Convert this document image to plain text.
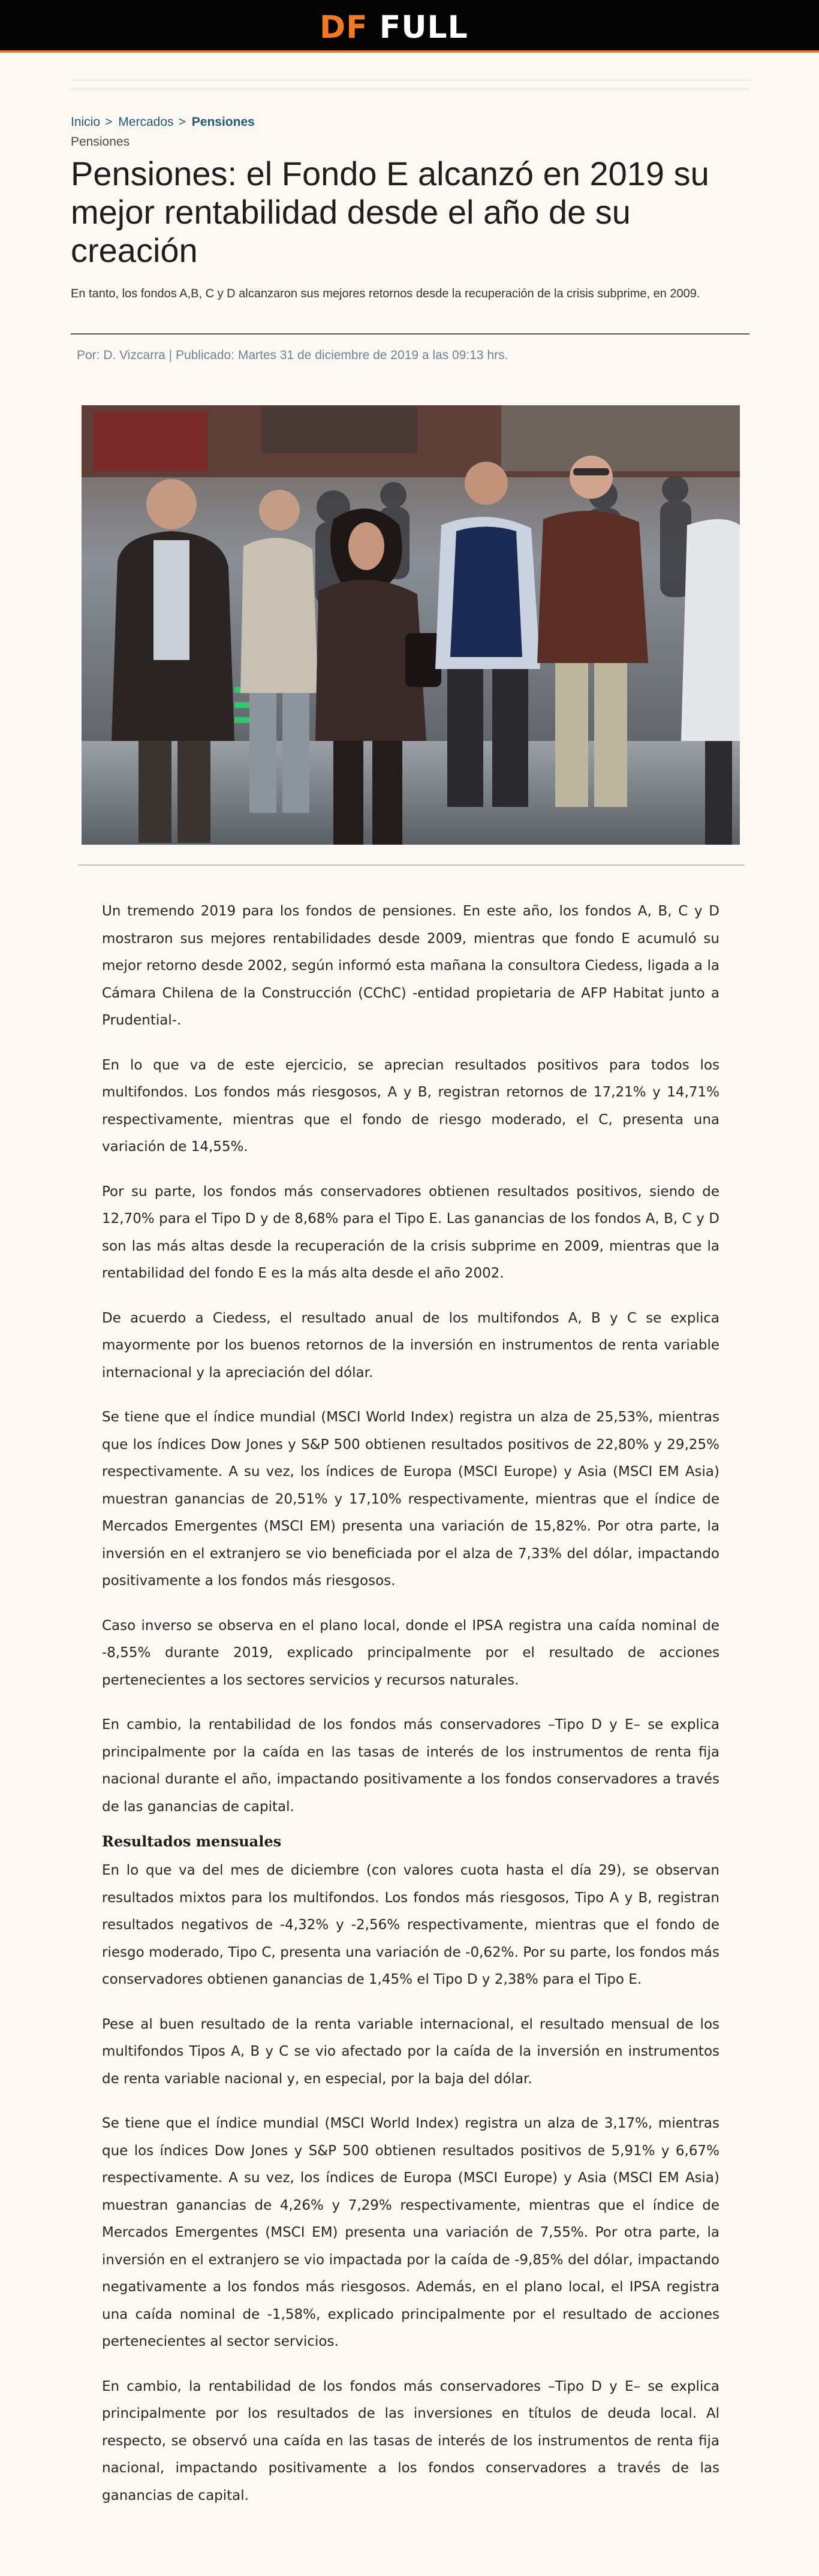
DF FULL
Inicio > Mercados > Pensiones
Pensiones
Pensiones: el Fondo E alcanzó en 2019 su mejor rentabilidad desde el año de su creación

En tanto, los fondos A,B, C y D alcanzaron sus mejores retornos desde la recuperación de la crisis subprime, en 2009.

Por: D. Vizcarra | Publicado: Martes 31 de diciembre de 2019 a las 09:13 hrs.

Un tremendo 2019 para los fondos de pensiones. En este año, los fondos A, B, C y D mostraron sus mejores rentabilidades desde 2009, mientras que fondo E acumuló su mejor retorno desde 2002, según informó esta mañana la consultora Ciedess, ligada a la Cámara Chilena de la Construcción (CChC) -entidad propietaria de AFP Habitat junto a Prudential-.

En lo que va de este ejercicio, se aprecian resultados positivos para todos los multifondos. Los fondos más riesgosos, A y B, registran retornos de 17,21% y 14,71% respectivamente, mientras que el fondo de riesgo moderado, el C, presenta una variación de 14,55%.

Por su parte, los fondos más conservadores obtienen resultados positivos, siendo de 12,70% para el Tipo D y de 8,68% para el Tipo E. Las ganancias de los fondos A, B, C y D son las más altas desde la recuperación de la crisis subprime en 2009, mientras que la rentabilidad del fondo E es la más alta desde el año 2002.

De acuerdo a Ciedess, el resultado anual de los multifondos A, B y C se explica mayormente por los buenos retornos de la inversión en instrumentos de renta variable internacional y la apreciación del dólar.

Se tiene que el índice mundial (MSCI World Index) registra un alza de 25,53%, mientras que los índices Dow Jones y S&P 500 obtienen resultados positivos de 22,80% y 29,25% respectivamente. A su vez, los índices de Europa (MSCI Europe) y Asia (MSCI EM Asia) muestran ganancias de 20,51% y 17,10% respectivamente, mientras que el índice de Mercados Emergentes (MSCI EM) presenta una variación de 15,82%. Por otra parte, la inversión en el extranjero se vio beneficiada por el alza de 7,33% del dólar, impactando positivamente a los fondos más riesgosos.

Caso inverso se observa en el plano local, donde el IPSA registra una caída nominal de -8,55% durante 2019, explicado principalmente por el resultado de acciones pertenecientes a los sectores servicios y recursos naturales.

En cambio, la rentabilidad de los fondos más conservadores –Tipo D y E– se explica principalmente por la caída en las tasas de interés de los instrumentos de renta fija nacional durante el año, impactando positivamente a los fondos conservadores a través de las ganancias de capital.

Resultados mensuales

En lo que va del mes de diciembre (con valores cuota hasta el día 29), se observan resultados mixtos para los multifondos. Los fondos más riesgosos, Tipo A y B, registran resultados negativos de -4,32% y -2,56% respectivamente, mientras que el fondo de riesgo moderado, Tipo C, presenta una variación de -0,62%. Por su parte, los fondos más conservadores obtienen ganancias de 1,45% el Tipo D y 2,38% para el Tipo E.

Pese al buen resultado de la renta variable internacional, el resultado mensual de los multifondos Tipos A, B y C se vio afectado por la caída de la inversión en instrumentos de renta variable nacional y, en especial, por la baja del dólar.

Se tiene que el índice mundial (MSCI World Index) registra un alza de 3,17%, mientras que los índices Dow Jones y S&P 500 obtienen resultados positivos de 5,91% y 6,67% respectivamente. A su vez, los índices de Europa (MSCI Europe) y Asia (MSCI EM Asia) muestran ganancias de 4,26% y 7,29% respectivamente, mientras que el índice de Mercados Emergentes (MSCI EM) presenta una variación de 7,55%. Por otra parte, la inversión en el extranjero se vio impactada por la caída de -9,85% del dólar, impactando negativamente a los fondos más riesgosos. Además, en el plano local, el IPSA registra una caída nominal de -1,58%, explicado principalmente por el resultado de acciones pertenecientes al sector servicios.

En cambio, la rentabilidad de los fondos más conservadores –Tipo D y E– se explica principalmente por los resultados de las inversiones en títulos de deuda local. Al respecto, se observó una caída en las tasas de interés de los instrumentos de renta fija nacional, impactando positivamente a los fondos conservadores a través de las ganancias de capital.
